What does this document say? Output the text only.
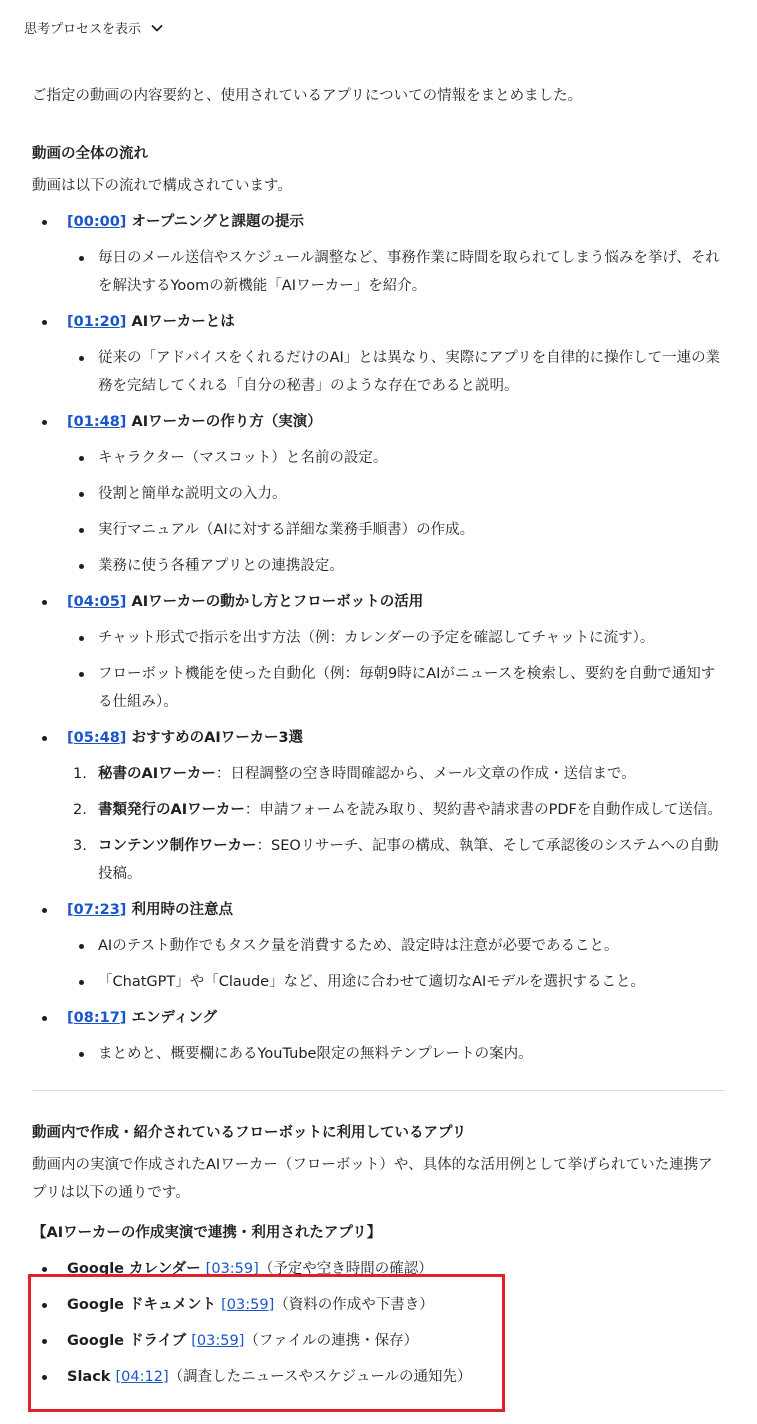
思考プロセスを表示

ご指定の動画の内容要約と、使用されているアプリについての情報をまとめました。

動画の全体の流れ

動画は以下の流れで構成されています。

[00:00] オープニングと課題の提示
毎日のメール送信やスケジュール調整など、事務作業に時間を取られてしまう悩みを挙げ、それを解決するYoomの新機能「AIワーカー」を紹介。
[01:20] AIワーカーとは
従来の「アドバイスをくれるだけのAI」とは異なり、実際にアプリを自律的に操作して一連の業務を完結してくれる「自分の秘書」のような存在であると説明。
[01:48] AIワーカーの作り方（実演）
キャラクター（マスコット）と名前の設定。
役割と簡単な説明文の入力。
実行マニュアル（AIに対する詳細な業務手順書）の作成。
業務に使う各種アプリとの連携設定。
[04:05] AIワーカーの動かし方とフローボットの活用
チャット形式で指示を出す方法（例：カレンダーの予定を確認してチャットに流す）。
フローボット機能を使った自動化（例：毎朝9時にAIがニュースを検索し、要約を自動で通知する仕組み）。
[05:48] おすすめのAIワーカー3選
1. 秘書のAIワーカー：日程調整の空き時間確認から、メール文章の作成・送信まで。
2. 書類発行のAIワーカー：申請フォームを読み取り、契約書や請求書のPDFを自動作成して送信。
3. コンテンツ制作ワーカー：SEOリサーチ、記事の構成、執筆、そして承認後のシステムへの自動投稿。
[07:23] 利用時の注意点
AIのテスト動作でもタスク量を消費するため、設定時は注意が必要であること。
「ChatGPT」や「Claude」など、用途に合わせて適切なAIモデルを選択すること。
[08:17] エンディング
まとめと、概要欄にあるYouTube限定の無料テンプレートの案内。

動画内で作成・紹介されているフローボットに利用しているアプリ

動画内の実演で作成されたAIワーカー（フローボット）や、具体的な活用例として挙げられていた連携アプリは以下の通りです。

【AIワーカーの作成実演で連携・利用されたアプリ】

Google カレンダー [03:59]（予定や空き時間の確認）
Google ドキュメント [03:59]（資料の作成や下書き）
Google ドライブ [03:59]（ファイルの連携・保存）
Slack [04:12]（調査したニュースやスケジュールの通知先）
